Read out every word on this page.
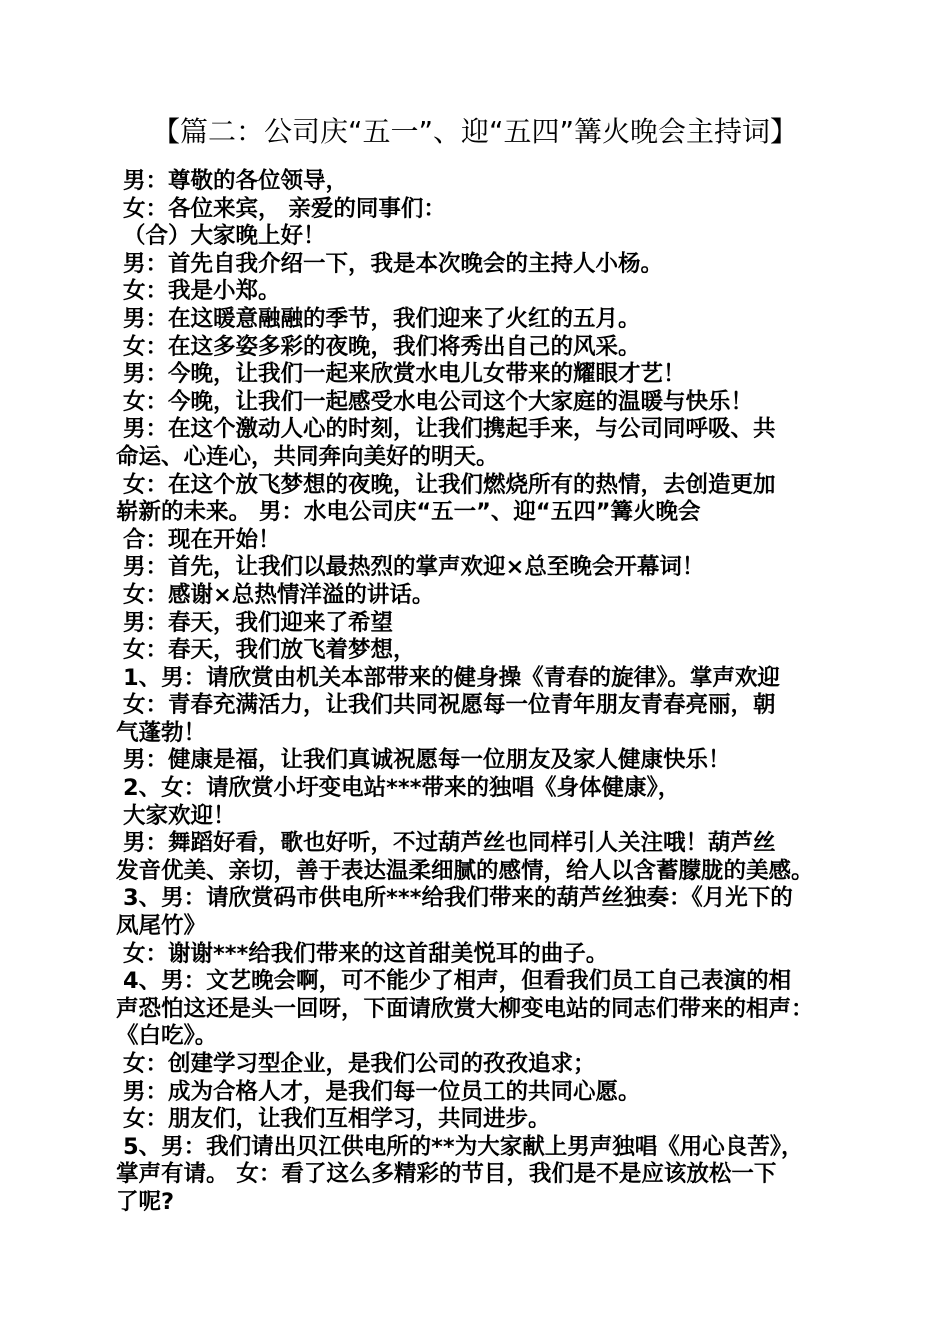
【篇二：公司庆“五一”、迎“五四”篝火晚会主持词】
男：尊敬的各位领导，
女：各位来宾， 亲爱的同事们：
（合）大家晚上好！
男：首先自我介绍一下，我是本次晚会的主持人小杨。
女：我是小郑。
男：在这暖意融融的季节，我们迎来了火红的五月。
女：在这多姿多彩的夜晚，我们将秀出自己的风采。
男：今晚，让我们一起来欣赏水电儿女带来的耀眼才艺！
女：今晚，让我们一起感受水电公司这个大家庭的温暖与快乐！
男：在这个激动人心的时刻，让我们携起手来，与公司同呼吸、共
命运、心连心，共同奔向美好的明天。
女：在这个放飞梦想的夜晚，让我们燃烧所有的热情，去创造更加
崭新的未来。 男：水电公司庆“五一”、迎“五四”篝火晚会
合：现在开始！
男：首先，让我们以最热烈的掌声欢迎×总至晚会开幕词！
女：感谢×总热情洋溢的讲话。
男：春天，我们迎来了希望
女：春天，我们放飞着梦想，
1、男：请欣赏由机关本部带来的健身操《青春的旋律》。掌声欢迎
女：青春充满活力，让我们共同祝愿每一位青年朋友青春亮丽，朝
气蓬勃！
男：健康是福，让我们真诚祝愿每一位朋友及家人健康快乐！
2、女：请欣赏小圩变电站***带来的独唱《身体健康》，
大家欢迎！
男：舞蹈好看，歌也好听，不过葫芦丝也同样引人关注哦！葫芦丝
发音优美、亲切，善于表达温柔细腻的感情，给人以含蓄朦胧的美感。
3、男：请欣赏码市供电所***给我们带来的葫芦丝独奏：《月光下的
凤尾竹》
女：谢谢***给我们带来的这首甜美悦耳的曲子。
4、男：文艺晚会啊，可不能少了相声，但看我们员工自己表演的相
声恐怕这还是头一回呀，下面请欣赏大柳变电站的同志们带来的相声：
《白吃》。
女：创建学习型企业，是我们公司的孜孜追求；
男：成为合格人才，是我们每一位员工的共同心愿。
女：朋友们，让我们互相学习，共同进步。
5、男：我们请出贝江供电所的**为大家献上男声独唱《用心良苦》，
掌声有请。 女：看了这么多精彩的节目，我们是不是应该放松一下
了呢?
